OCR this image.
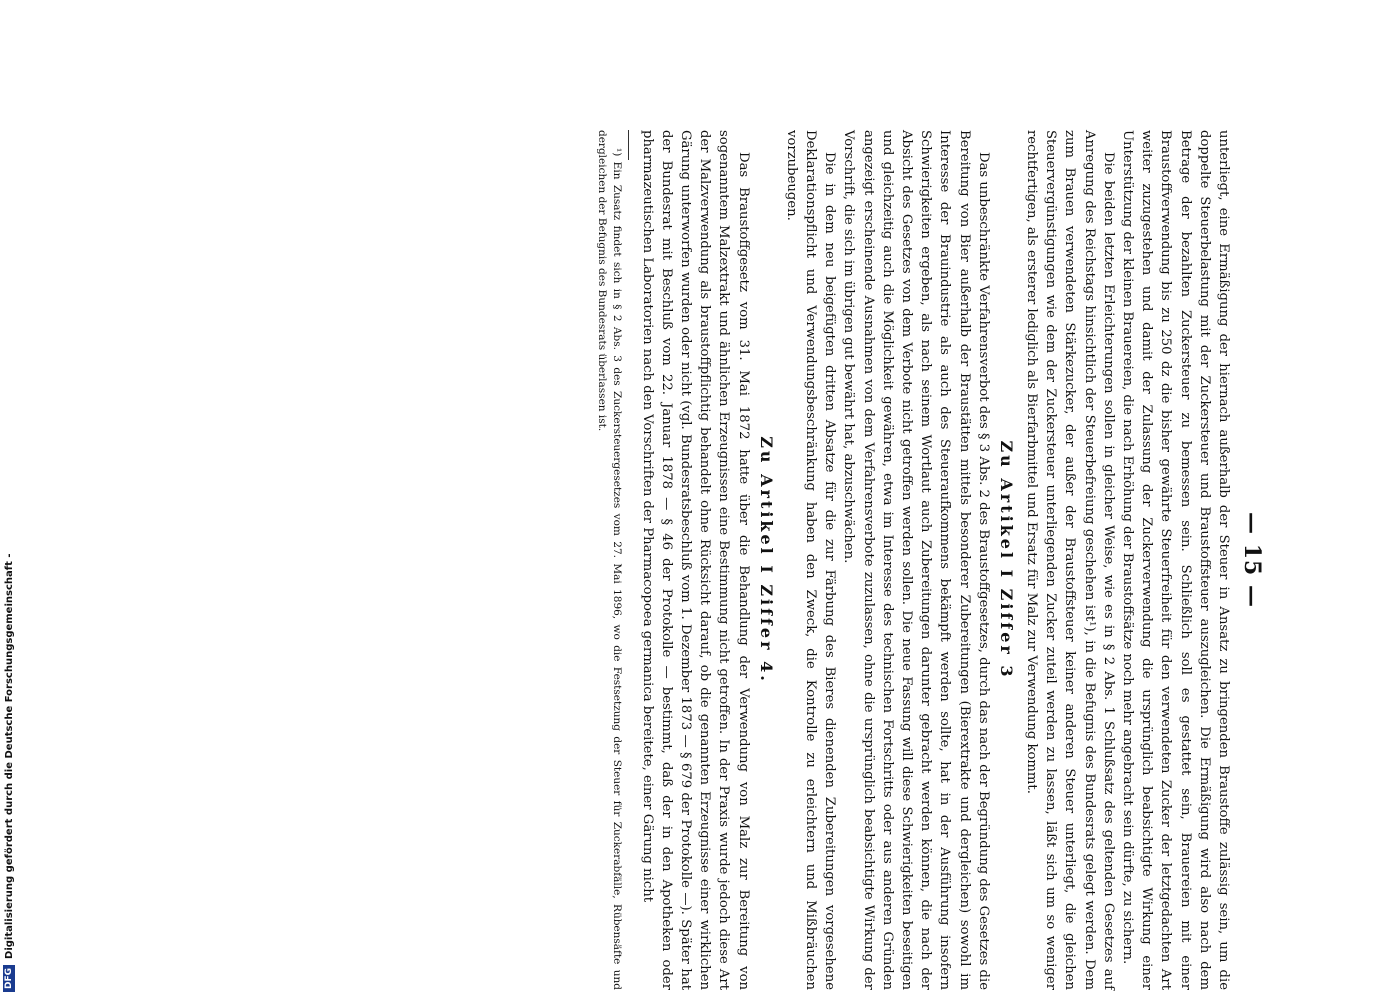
— 15 —

unterliegt, eine Ermäßigung der hiernach außerhalb der Steuer in Ansatz zu bringenden Braustoffe zulässig sein, um die doppelte Steuerbelastung mit der Zuckersteuer und Braustoffsteuer auszugleichen. Die Ermäßigung wird also nach dem Betrage der bezahlten Zuckersteuer zu bemessen sein. Schließlich soll es gestattet sein, Brauereien mit einer Braustoffverwendung bis zu 250 dz die bisher gewährte Steuerfreiheit für den verwendeten Zucker der letztgedachten Art weiter zuzugestehen und damit der Zulassung der Zuckerverwendung die ursprünglich beabsichtigte Wirkung einer Unterstützung der kleinen Brauereien, die nach Erhöhung der Braustoffsätze noch mehr angebracht sein dürfte, zu sichern.

Die beiden letzten Erleichterungen sollen in gleicher Weise, wie es in § 2 Abs. 1 Schlußsatz des geltenden Gesetzes auf Anregung des Reichstags hinsichtlich der Steuerbefreiung geschehen ist¹), in die Befugnis des Bundesrats gelegt werden. Dem zum Brauen verwendeten Stärkezucker, der außer der Braustoffsteuer keiner anderen Steuer unterliegt, die gleichen Steuervergünstigungen wie dem der Zuckersteuer unterliegenden Zucker zuteil werden zu lassen, läßt sich um so weniger rechtfertigen, als ersterer lediglich als Bierfarbmittel und Ersatz für Malz zur Verwendung kommt.

Zu Artikel I Ziffer 3

Das unbeschränkte Verfahrensverbot des § 3 Abs. 2 des Braustoffgesetzes, durch das nach der Begründung des Gesetzes die Bereitung von Bier außerhalb der Braustätten mittels besonderer Zubereitungen (Bierextrakte und dergleichen) sowohl im Interesse der Brauindustrie als auch des Steueraufkommens bekämpft werden sollte, hat in der Ausführung insofern Schwierigkeiten ergeben, als nach seinem Wortlaut auch Zubereitungen darunter gebracht werden können, die nach der Absicht des Gesetzes von dem Verbote nicht getroffen werden sollen. Die neue Fassung will diese Schwierigkeiten beseitigen und gleichzeitig auch die Möglichkeit gewähren, etwa im Interesse des technischen Fortschritts oder aus anderen Gründen angezeigt erscheinende Ausnahmen von dem Verfahrensverbote zuzulassen, ohne die ursprünglich beabsichtigte Wirkung der Vorschrift, die sich im übrigen gut bewährt hat, abzuschwächen.

Die in dem neu beigefügten dritten Absatze für die zur Färbung des Bieres dienenden Zubereitungen vorgesehene Deklarationspflicht und Verwendungsbeschränkung haben den Zweck, die Kontrolle zu erleichtern und Mißbräuchen vorzubeugen.

Zu Artikel I Ziffer 4.

Das Braustoffgesetz vom 31. Mai 1872 hatte über die Behandlung der Verwendung von Malz zur Bereitung von sogenanntem Malzextrakt und ähnlichen Erzeugnissen eine Bestimmung nicht getroffen. In der Praxis wurde jedoch diese Art der Malzverwendung als braustoffpflichtig behandelt ohne Rücksicht darauf, ob die genannten Erzeugnisse einer wirklichen Gärung unterworfen wurden oder nicht (vgl. Bundesratsbeschluß vom 1. Dezember 1873 — § 679 der Protokolle —). Später hat der Bundesrat mit Beschluß vom 22. Januar 1878 — § 46 der Protokolle — bestimmt, daß der in den Apotheken oder pharmazeutischen Laboratorien nach den Vorschriften der Pharmacopoea germanica bereitete, einer Gärung nicht

¹) Ein Zusatz findet sich in § 2 Abs. 3 des Zuckersteuergesetzes vom 27. Mai 1896, wo die Festsetzung der Steuer für Zuckerabfälle, Rübensäfte und dergleichen der Befugnis des Bundesrats überlassen ist.

DFG
Digitalisierung gefördert durch die Deutsche Forschungsgemeinschaft -
